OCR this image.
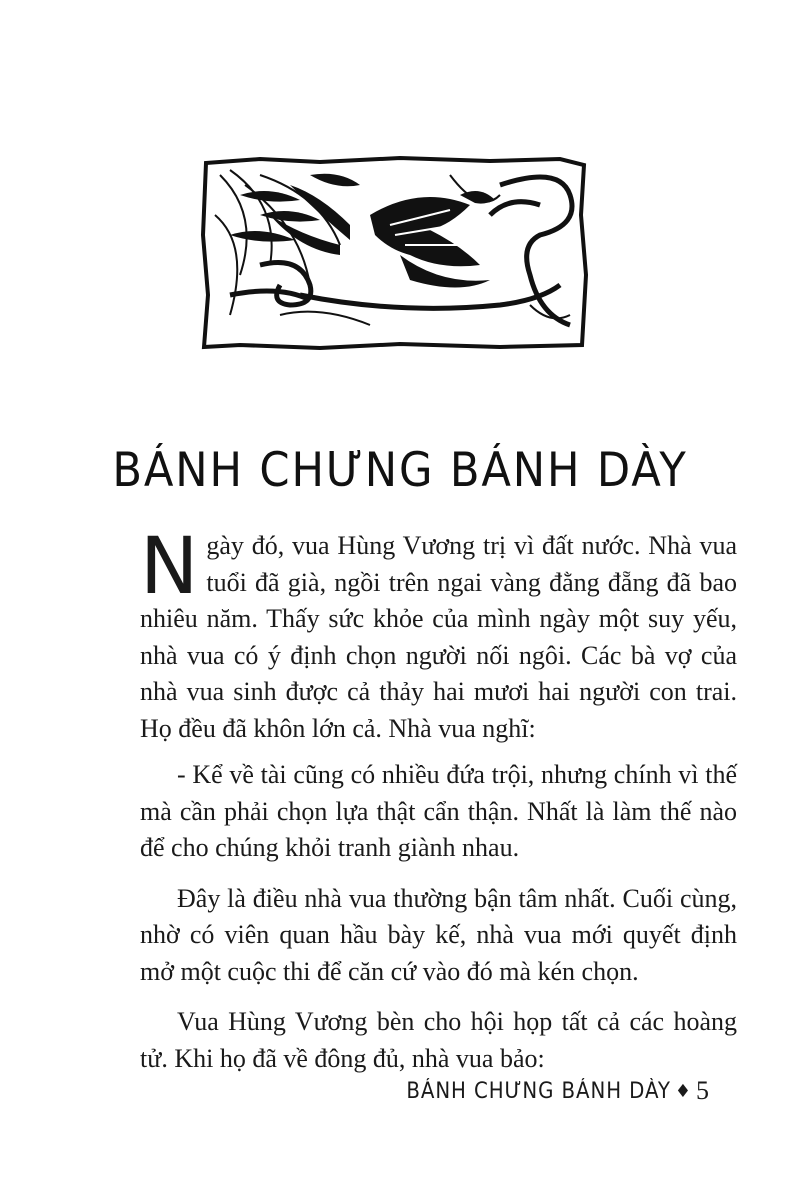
BÁNH CHƯNG BÁNH DÀY

Ngày đó, vua Hùng Vương trị vì đất nước. Nhà vua tuổi đã già, ngồi trên ngai vàng đằng đẵng đã bao nhiêu năm. Thấy sức khỏe của mình ngày một suy yếu, nhà vua có ý định chọn người nối ngôi. Các bà vợ của nhà vua sinh được cả thảy hai mươi hai người con trai. Họ đều đã khôn lớn cả. Nhà vua nghĩ:

- Kể về tài cũng có nhiều đứa trội, nhưng chính vì thế mà cần phải chọn lựa thật cẩn thận. Nhất là làm thế nào để cho chúng khỏi tranh giành nhau.

Đây là điều nhà vua thường bận tâm nhất. Cuối cùng, nhờ có viên quan hầu bày kế, nhà vua mới quyết định mở một cuộc thi để căn cứ vào đó mà kén chọn.

Vua Hùng Vương bèn cho hội họp tất cả các hoàng tử. Khi họ đã về đông đủ, nhà vua bảo:

BÁNH CHƯNG BÁNH DÀY ♦ 5
